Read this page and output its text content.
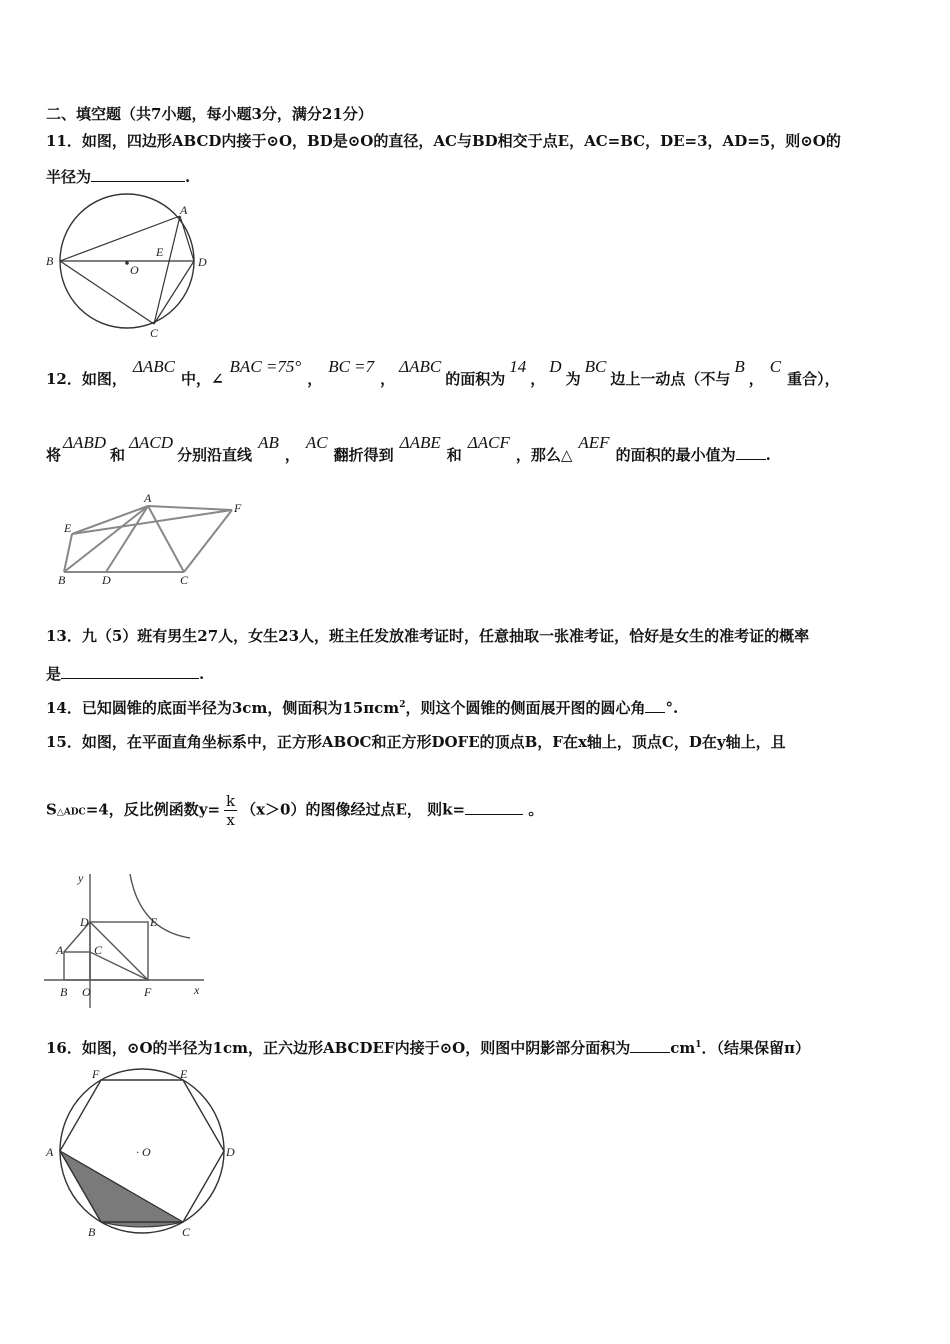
二、填空题（共7小题，每小题3分，满分21分）
11．如图，四边形ABCD内接于⊙O，BD是⊙O的直径，AC与BD相交于点E，AC=BC，DE=3，AD=5，则⊙O的
半径为	.
A
B
C
D
E
O
12．如图，ΔABC中，∠BAC =75°，BC =7，ΔABC的面积为14，D为BC边上一动点（不与B，C重合），
将ΔABD和ΔACD分别沿直线AB，AC翻折得到ΔABE和ΔACF，那么△AEF的面积的最小值为 .
A
B	C
D
E
F
13．九（5）班有男生27人，女生23人，班主任发放准考证时，任意抽取一张准考证，恰好是女生的准考证的概率
是	.
14．已知圆锥的底面半径为3cm，侧面积为15πcm$^2$，则这个圆锥的侧面展开图的圆心角 °.
15．如图，在平面直角坐标系中，正方形ABOC和正方形DOFE的顶点B，F在x轴上，顶点C，D在y轴上，且
S△ADC=4，反比例函数$y= \frac{k}{x} (x>0)$的图像经过点E， 则k=	。
y
x
D	E
A	C
B O	F
16．如图，⊙O的半径为1cm，正六边形ABCDEF内接于⊙O，则图中阴影部分面积为	$cm^1$．（结果保留π）
A
B	C
D
E
F
· O
